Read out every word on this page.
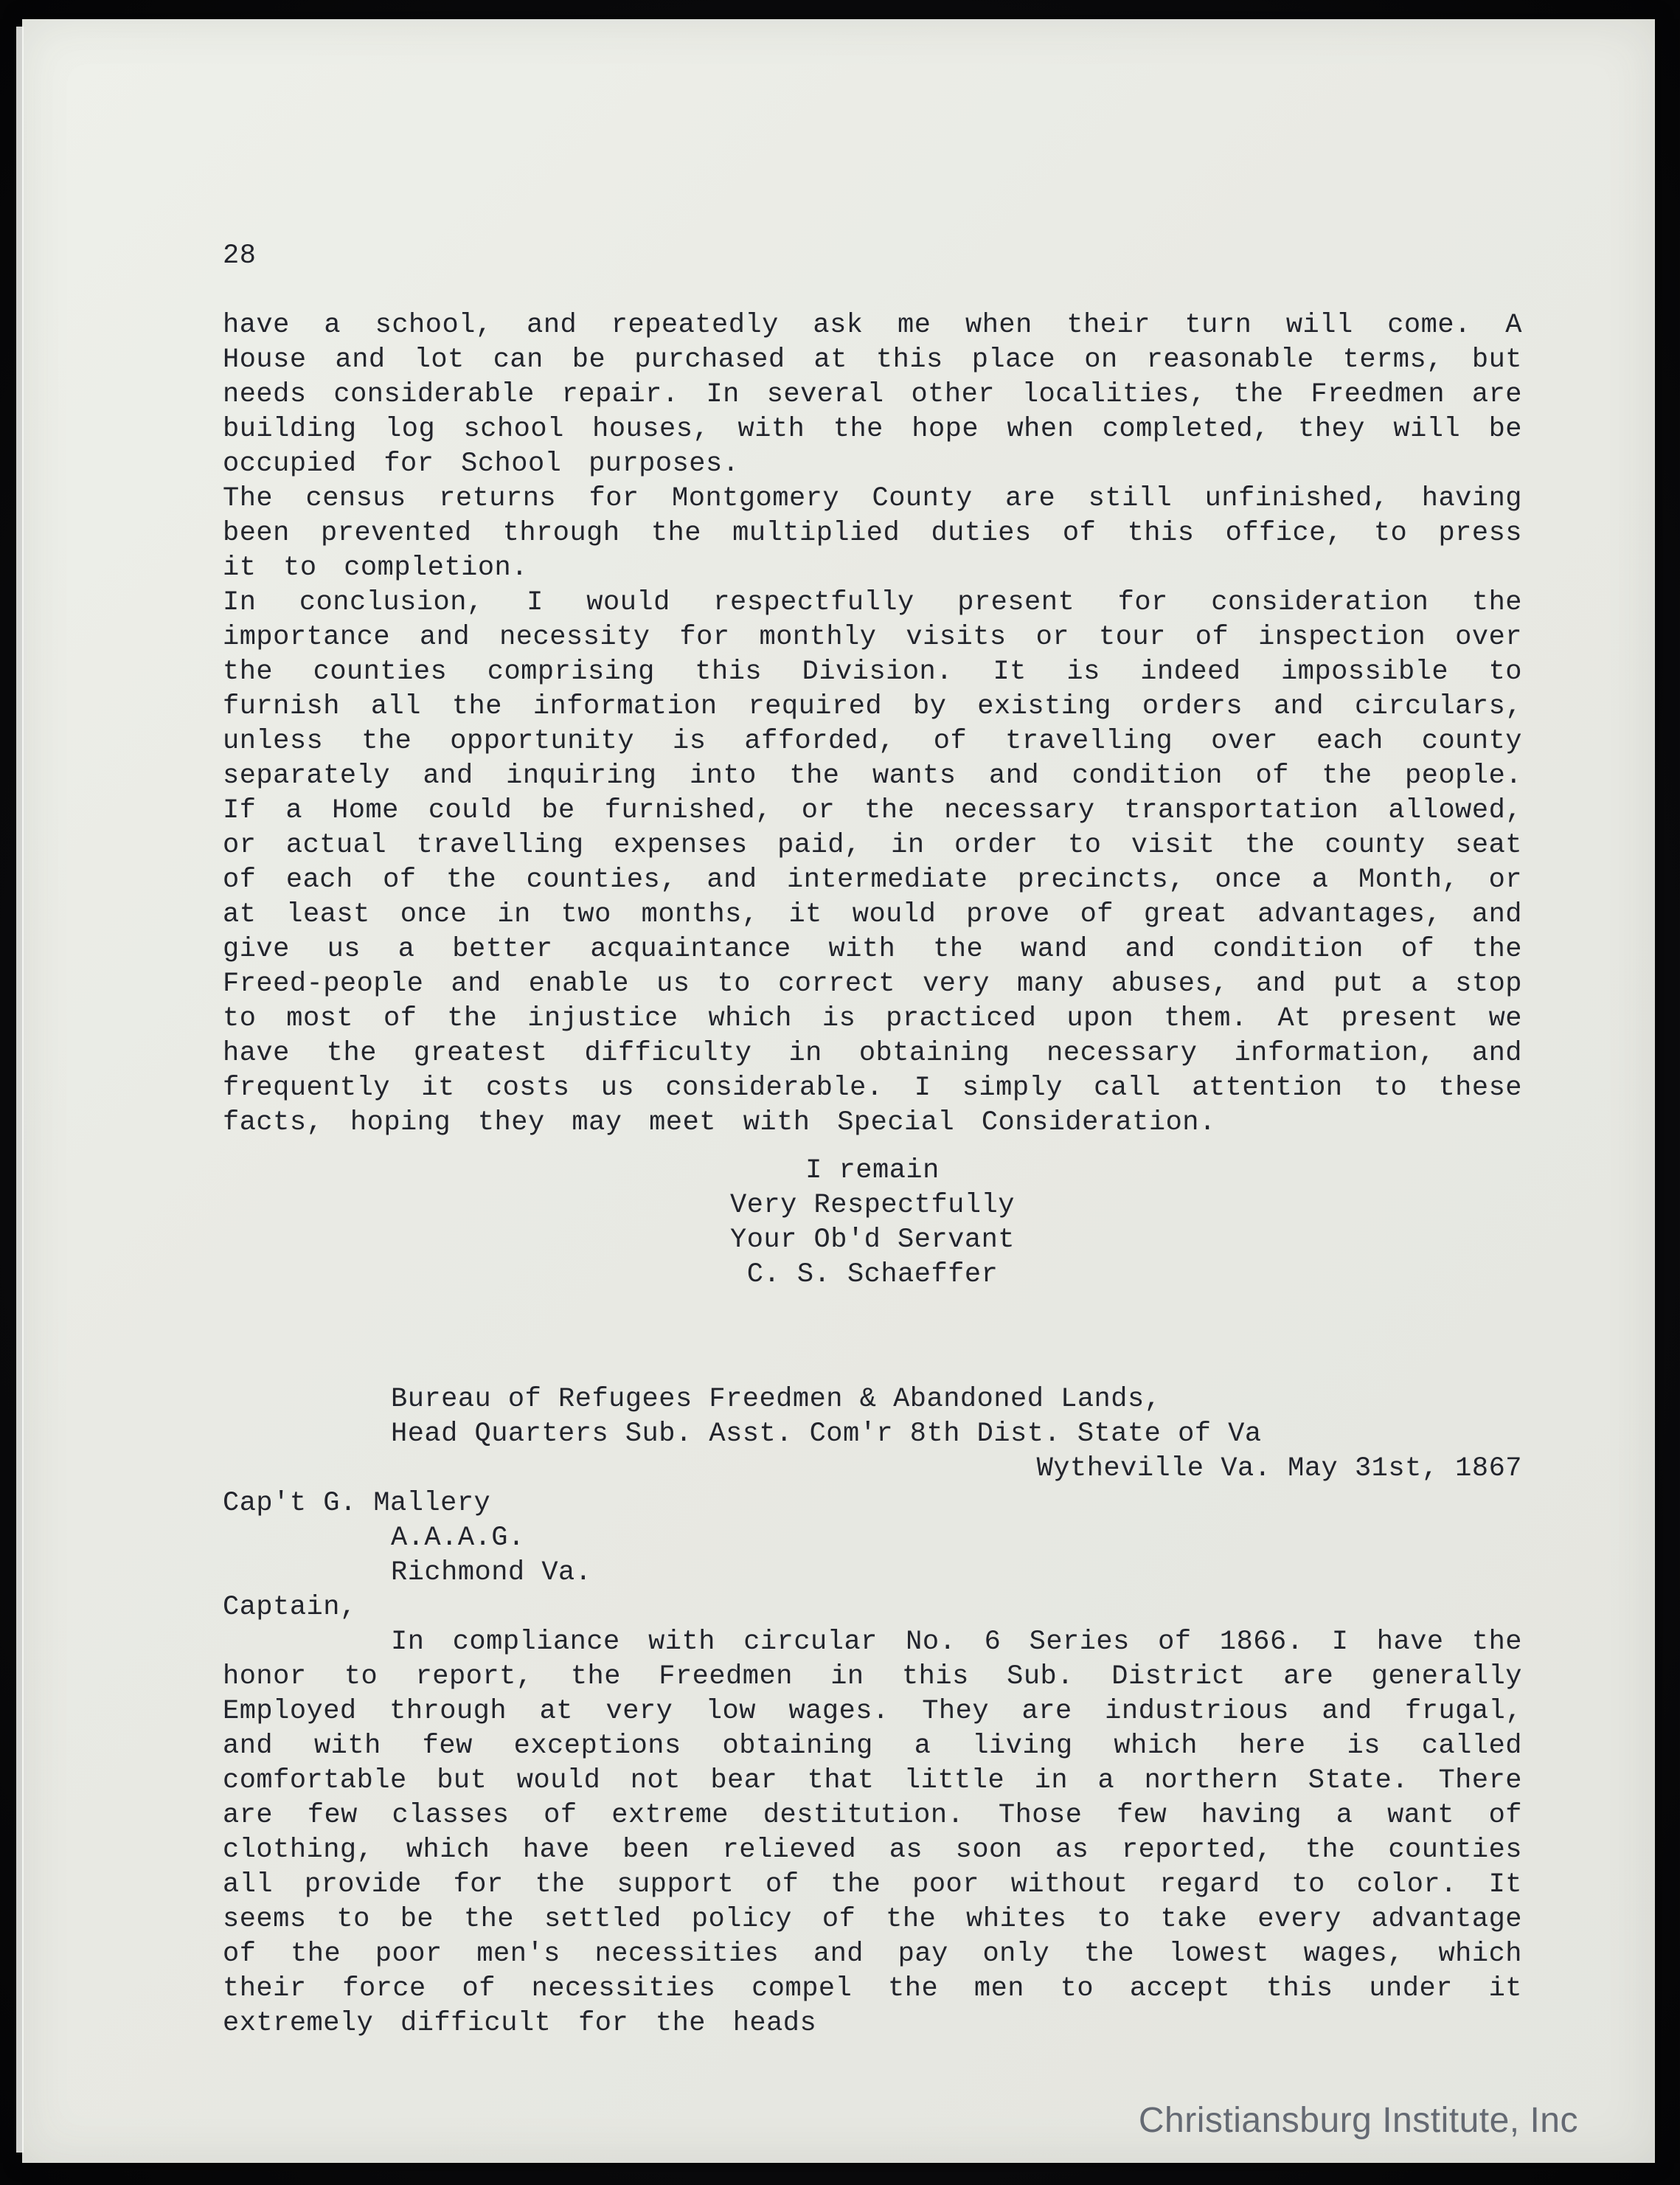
28

have a school, and repeatedly ask me when their turn will come. A House and lot can be purchased at this place on reasonable terms, but needs considerable repair. In several other localities, the Freedmen are building log school houses, with the hope when completed, they will be occupied for School purposes.

The census returns for Montgomery County are still unfinished, having been prevented through the multiplied duties of this office, to press it to completion.

In conclusion, I would respectfully present for consideration the importance and necessity for monthly visits or tour of inspection over the counties comprising this Division. It is indeed impossible to furnish all the information required by existing orders and circulars, unless the opportunity is afforded, of travelling over each county separately and inquiring into the wants and condition of the people. If a Home could be furnished, or the necessary transportation allowed, or actual travelling expenses paid, in order to visit the county seat of each of the counties, and intermediate precincts, once a Month, or at least once in two months, it would prove of great advantages, and give us a better acquaintance with the wand and condition of the Freed-people and enable us to correct very many abuses, and put a stop to most of the injustice which is practiced upon them. At present we have the greatest difficulty in obtaining necessary information, and frequently it costs us considerable. I simply call attention to these facts, hoping they may meet with Special Consideration.

I remain
Very Respectfully
Your Ob'd Servant
C. S. Schaeffer
Bureau of Refugees Freedmen & Abandoned Lands,
Head Quarters Sub. Asst. Com'r 8th Dist. State of Va
Wytheville Va. May 31st, 1867
Cap't G. Mallery
A.A.A.G.
Richmond Va.
Captain,

In compliance with circular No. 6 Series of 1866. I have the honor to report, the Freedmen in this Sub. District are generally Employed through at very low wages. They are industrious and frugal, and with few exceptions obtaining a living which here is called comfortable but would not bear that little in a northern State. There are few classes of extreme destitution. Those few having a want of clothing, which have been relieved as soon as reported, the counties all provide for the support of the poor without regard to color. It seems to be the settled policy of the whites to take every advantage of the poor men's necessities and pay only the lowest wages, which their force of necessities compel the men to accept this under it extremely difficult for the heads

Christiansburg Institute, Inc
